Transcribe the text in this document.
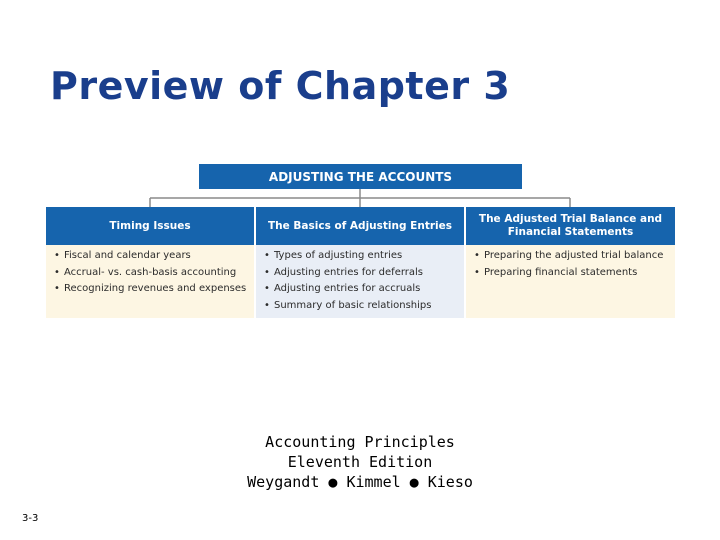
Preview of Chapter 3
ADJUSTING THE ACCOUNTS
Timing Issues
• Fiscal and calendar years
• Accrual- vs. cash-basis accounting
• Recognizing revenues and expenses
The Basics of Adjusting Entries
• Types of adjusting entries
• Adjusting entries for deferrals
• Adjusting entries for accruals
• Summary of basic relationships
The Adjusted Trial Balance and Financial Statements
• Preparing the adjusted trial balance
• Preparing financial statements
Accounting Principles
Eleventh Edition
Weygandt ● Kimmel ● Kieso
3-3
